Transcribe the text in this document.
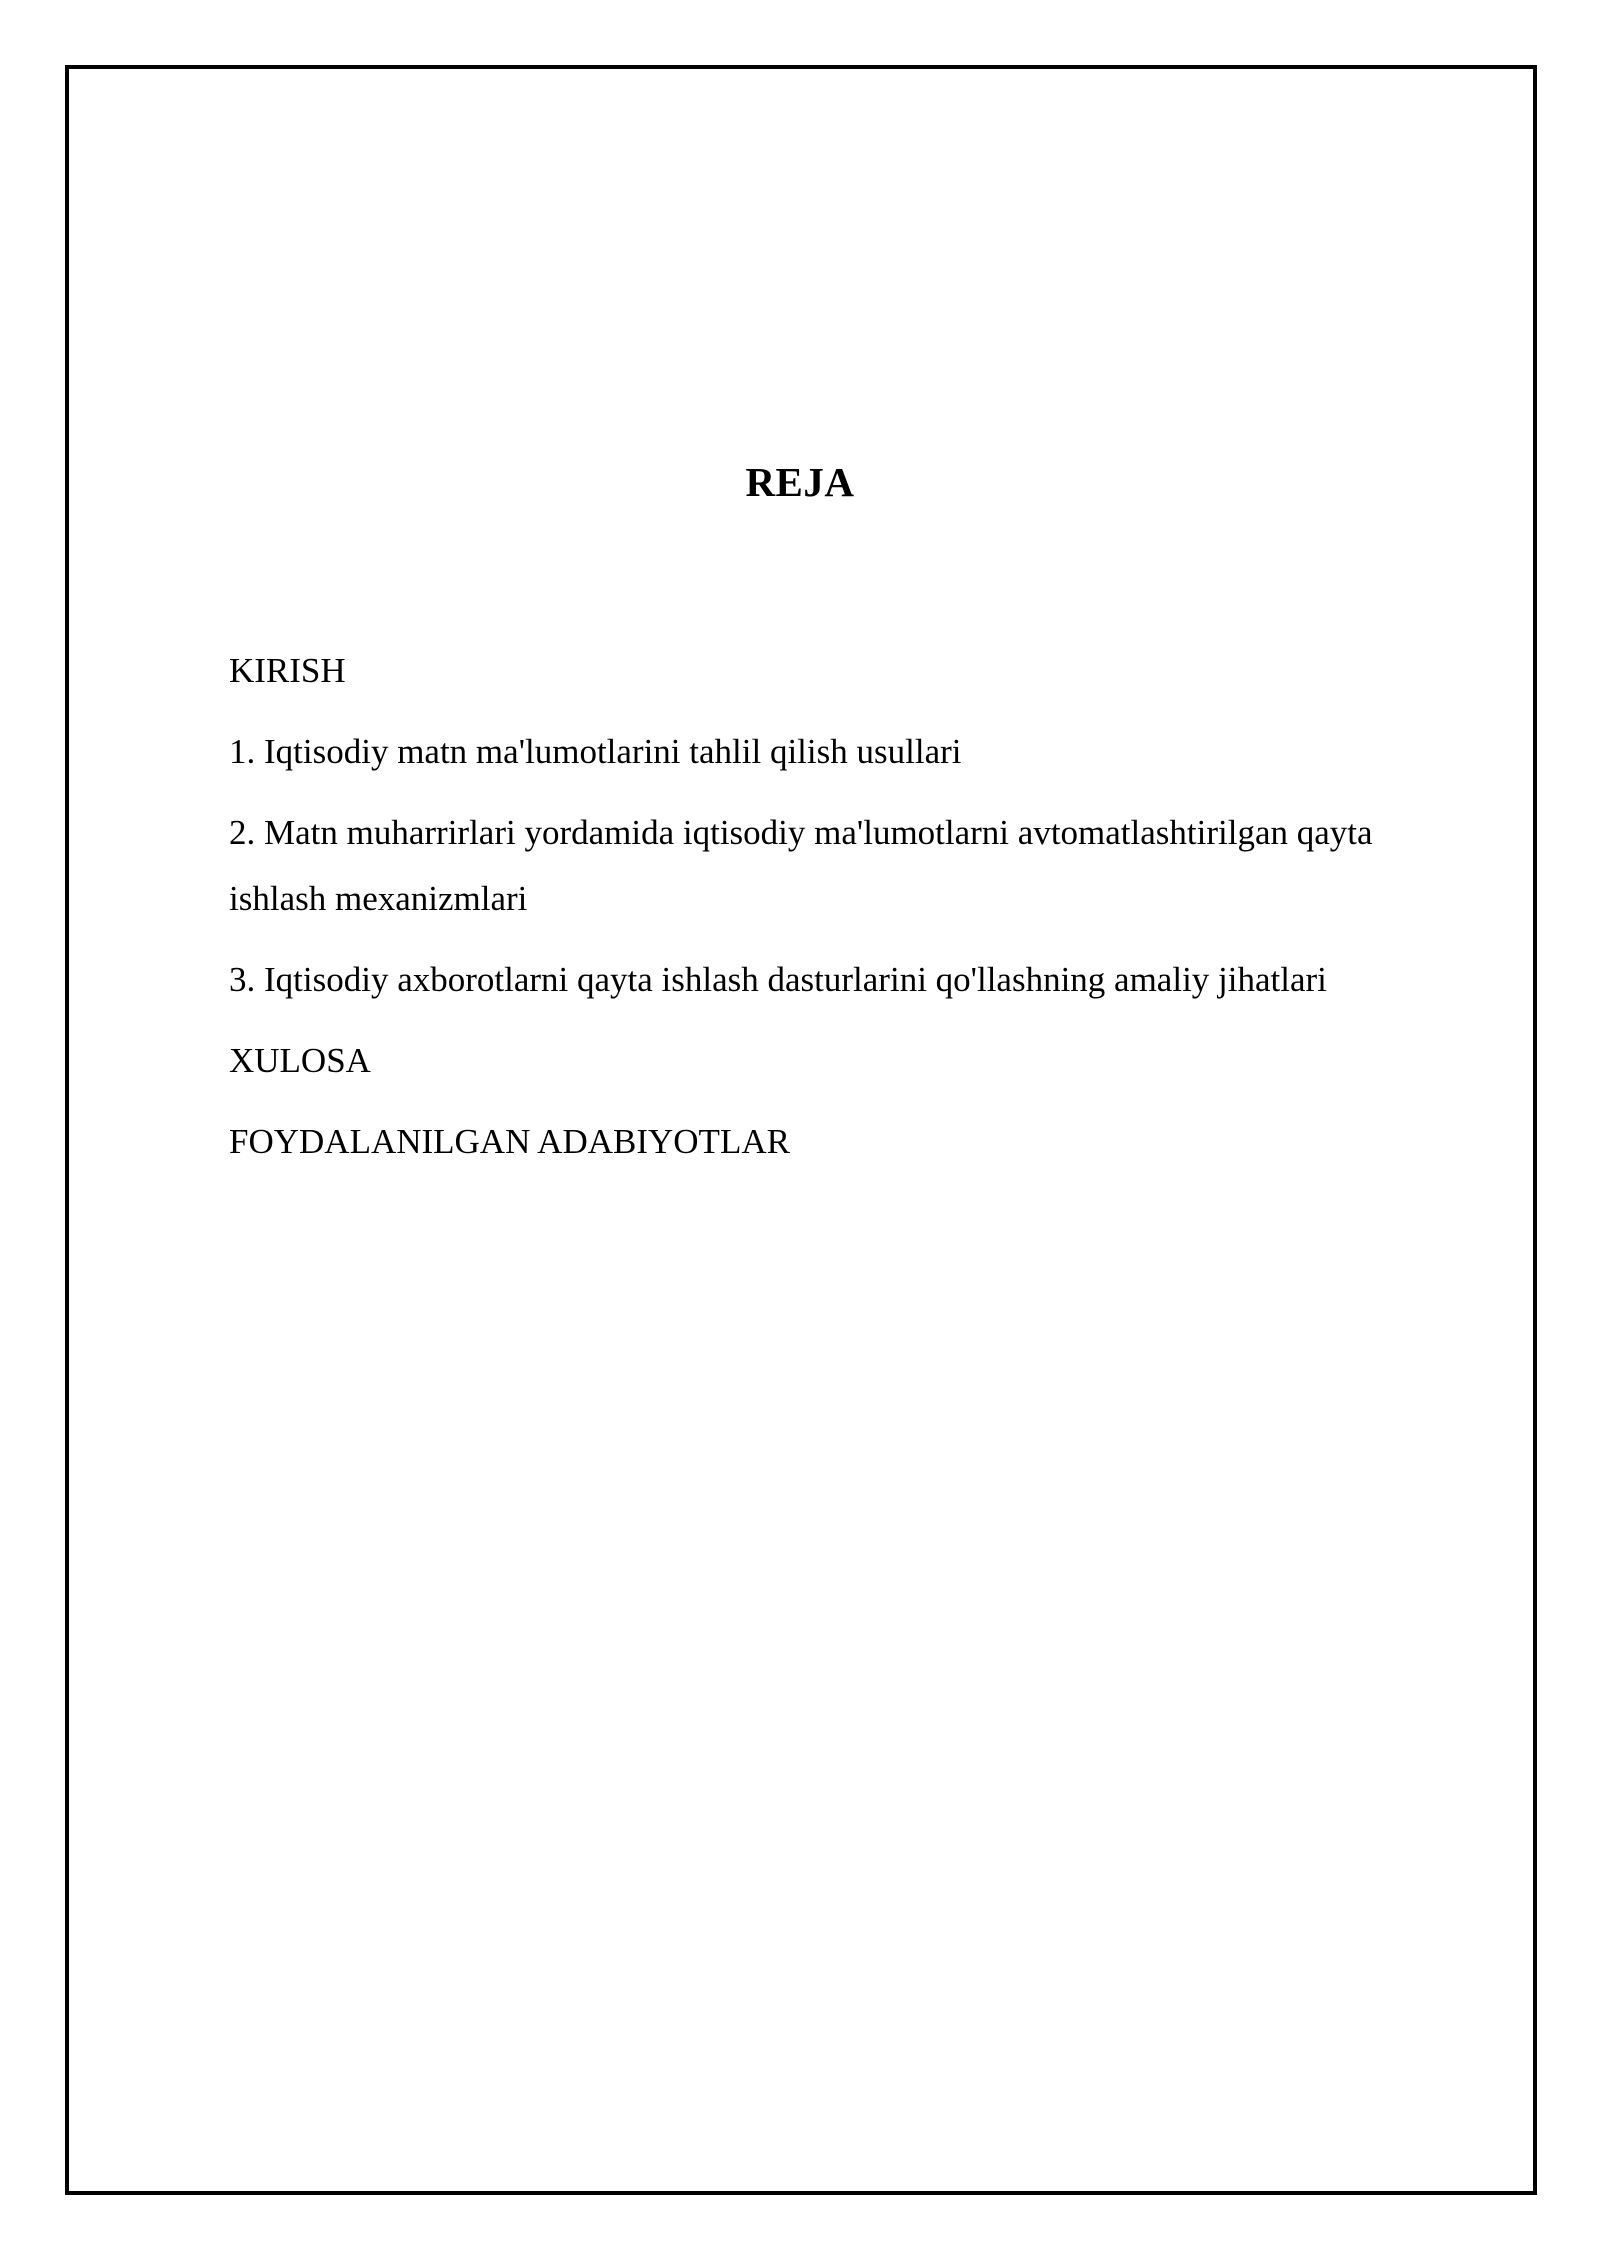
REJA
KIRISH
1. Iqtisodiy matn ma'lumotlarini tahlil qilish usullari
2. Matn muharrirlari yordamida iqtisodiy ma'lumotlarni avtomatlashtirilgan qayta ishlash mexanizmlari
3. Iqtisodiy axborotlarni qayta ishlash dasturlarini qo'llashning amaliy jihatlari
XULOSA
FOYDALANILGAN ADABIYOTLAR
